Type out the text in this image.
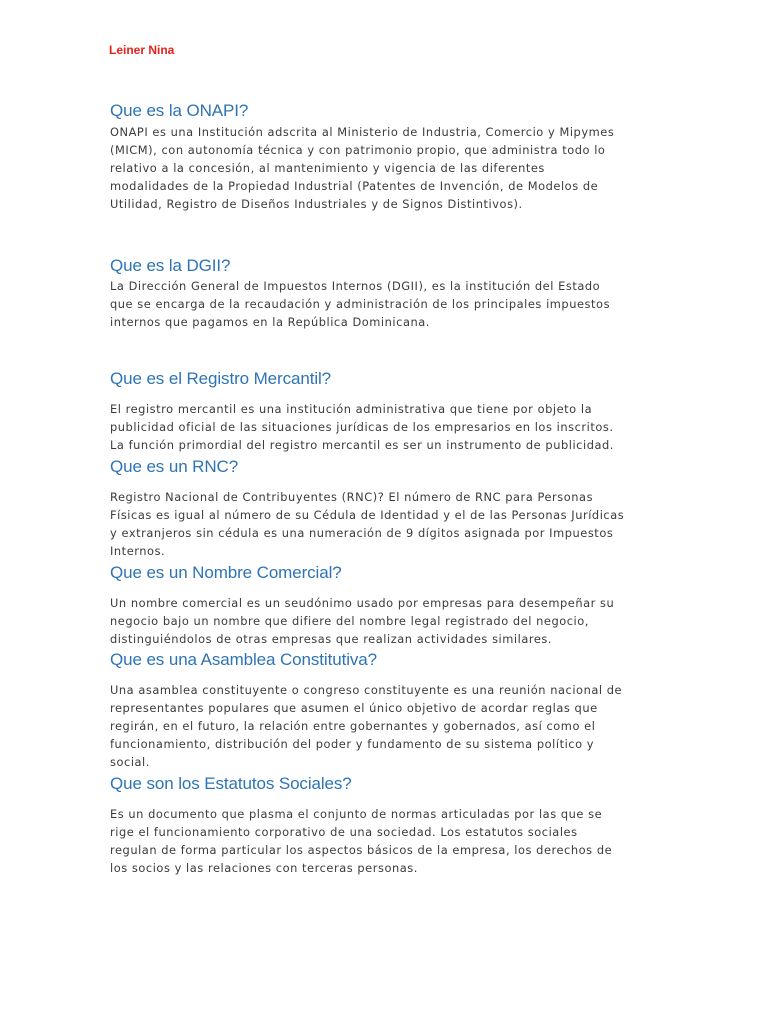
Leiner Nina

Que es la ONAPI?

ONAPI es una Institución adscrita al Ministerio de Industria, Comercio y Mipymes
(MICM), con autonomía técnica y con patrimonio propio, que administra todo lo
relativo a la concesión, al mantenimiento y vigencia de las diferentes
modalidades de la Propiedad Industrial (Patentes de Invención, de Modelos de
Utilidad, Registro de Diseños Industriales y de Signos Distintivos).

Que es la DGII?

La Dirección General de Impuestos Internos (DGII), es la institución del Estado
que se encarga de la recaudación y administración de los principales impuestos
internos que pagamos en la República Dominicana.

Que es el Registro Mercantil?

El registro mercantil es una institución administrativa que tiene por objeto la
publicidad oficial de las situaciones jurídicas de los empresarios en los inscritos.
La función primordial del registro mercantil es ser un instrumento de publicidad.

Que es un RNC?

Registro Nacional de Contribuyentes (RNC)? El número de RNC para Personas
Físicas es igual al número de su Cédula de Identidad y el de las Personas Jurídicas
y extranjeros sin cédula es una numeración de 9 dígitos asignada por Impuestos
Internos.

Que es un Nombre Comercial?

Un nombre comercial es un seudónimo usado por empresas para desempeñar su
negocio bajo un nombre que difiere del nombre legal registrado del negocio,
distinguiéndolos de otras empresas que realizan actividades similares.

Que es una Asamblea Constitutiva?

Una asamblea constituyente o congreso constituyente es una reunión nacional de
representantes populares que asumen el único objetivo de acordar reglas que
regirán, en el futuro, la relación entre gobernantes y gobernados, así como el
funcionamiento, distribución del poder y fundamento de su sistema político y
social.

Que son los Estatutos Sociales?

Es un documento que plasma el conjunto de normas articuladas por las que se
rige el funcionamiento corporativo de una sociedad. Los estatutos sociales
regulan de forma particular los aspectos básicos de la empresa, los derechos de
los socios y las relaciones con terceras personas.
